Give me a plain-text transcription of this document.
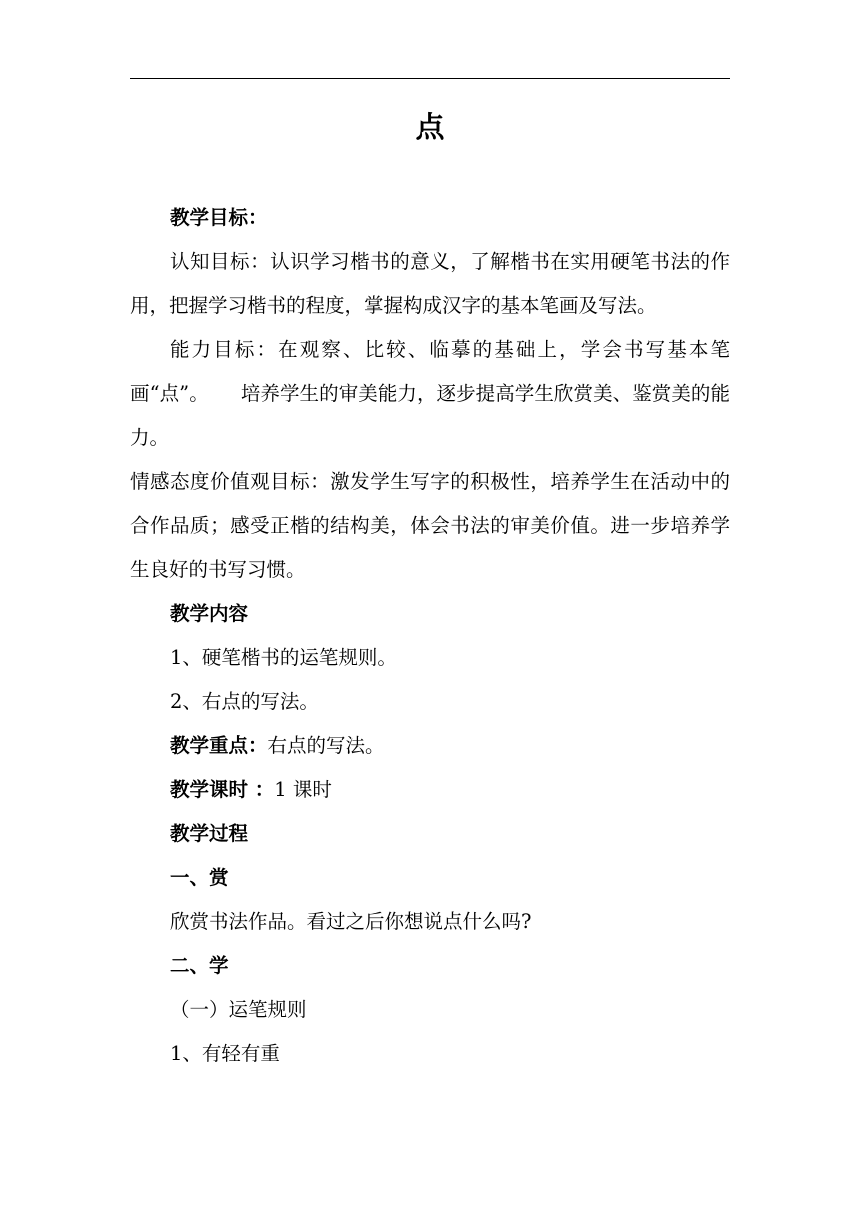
点

教学目标：

认知目标：认识学习楷书的意义，了解楷书在实用硬笔书法的作用，把握学习楷书的程度，掌握构成汉字的基本笔画及写法。

能力目标：在观察、比较、临摹的基础上，学会书写基本笔画“点”。 培养学生的审美能力，逐步提高学生欣赏美、鉴赏美的能力。

情感态度价值观目标：激发学生写字的积极性，培养学生在活动中的合作品质；感受正楷的结构美，体会书法的审美价值。进一步培养学生良好的书写习惯。

教学内容

1、硬笔楷书的运笔规则。

2、右点的写法。

教学重点：右点的写法。

教学课时 ：1 课时

教学过程

一、赏

欣赏书法作品。看过之后你想说点什么吗?

二、学

（一）运笔规则

1、有轻有重
